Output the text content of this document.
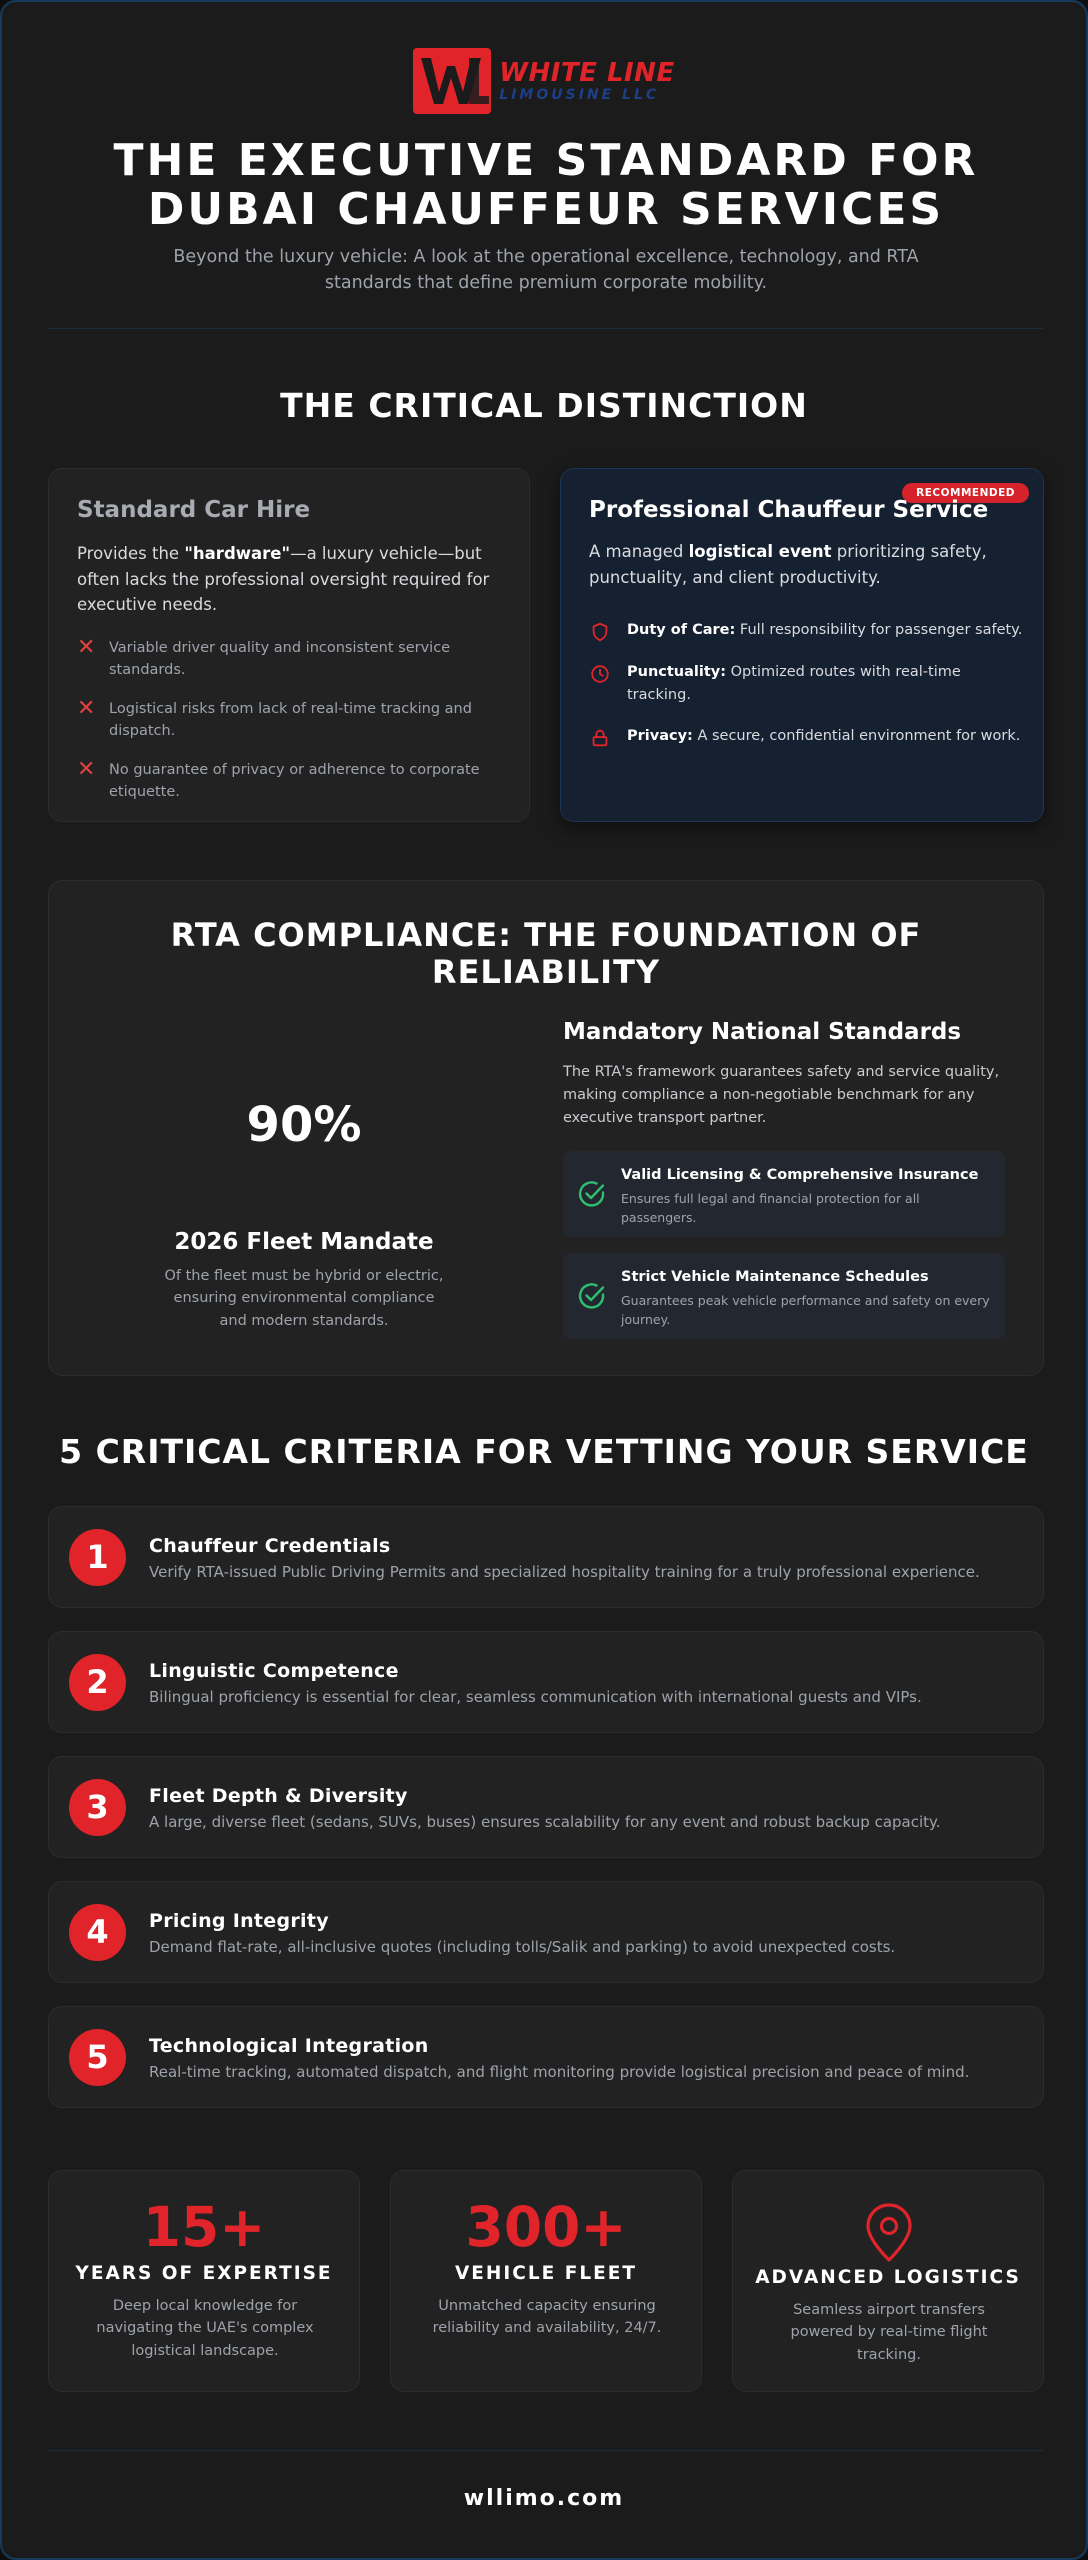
WHITE LINE
LIMOUSINE LLC
THE EXECUTIVE STANDARD FOR
DUBAI CHAUFFEUR SERVICES
Beyond the luxury vehicle: A look at the operational excellence, technology, and RTA standards that define premium corporate mobility.
THE CRITICAL DISTINCTION
Standard Car Hire
Provides the "hardware"—a luxury vehicle—but often lacks the professional oversight required for executive needs.
✕ Variable driver quality and inconsistent service standards.
✕ Logistical risks from lack of real-time tracking and dispatch.
✕ No guarantee of privacy or adherence to corporate etiquette.
RECOMMENDED
Professional Chauffeur Service
A managed logistical event prioritizing safety, punctuality, and client productivity.
Duty of Care: Full responsibility for passenger safety.
Punctuality: Optimized routes with real-time tracking.
Privacy: A secure, confidential environment for work.
RTA COMPLIANCE: THE FOUNDATION OF
RELIABILITY
90%
2026 Fleet Mandate
Of the fleet must be hybrid or electric, ensuring environmental compliance and modern standards.
Mandatory National Standards
The RTA's framework guarantees safety and service quality, making compliance a non-negotiable benchmark for any executive transport partner.
Valid Licensing & Comprehensive Insurance
Ensures full legal and financial protection for all passengers.
Strict Vehicle Maintenance Schedules
Guarantees peak vehicle performance and safety on every journey.
5 CRITICAL CRITERIA FOR VETTING YOUR SERVICE
1	Chauffeur Credentials
Verify RTA-issued Public Driving Permits and specialized hospitality training for a truly professional experience.
2	Linguistic Competence
Bilingual proficiency is essential for clear, seamless communication with international guests and VIPs.
3	Fleet Depth & Diversity
A large, diverse fleet (sedans, SUVs, buses) ensures scalability for any event and robust backup capacity.
4	Pricing Integrity
Demand flat-rate, all-inclusive quotes (including tolls/Salik and parking) to avoid unexpected costs.
5	Technological Integration
Real-time tracking, automated dispatch, and flight monitoring provide logistical precision and peace of mind.
15+
YEARS OF EXPERTISE
Deep local knowledge for navigating the UAE's complex logistical landscape.
300+
VEHICLE FLEET
Unmatched capacity ensuring reliability and availability, 24/7.
ADVANCED LOGISTICS
Seamless airport transfers powered by real-time flight tracking.
wllimo.com
